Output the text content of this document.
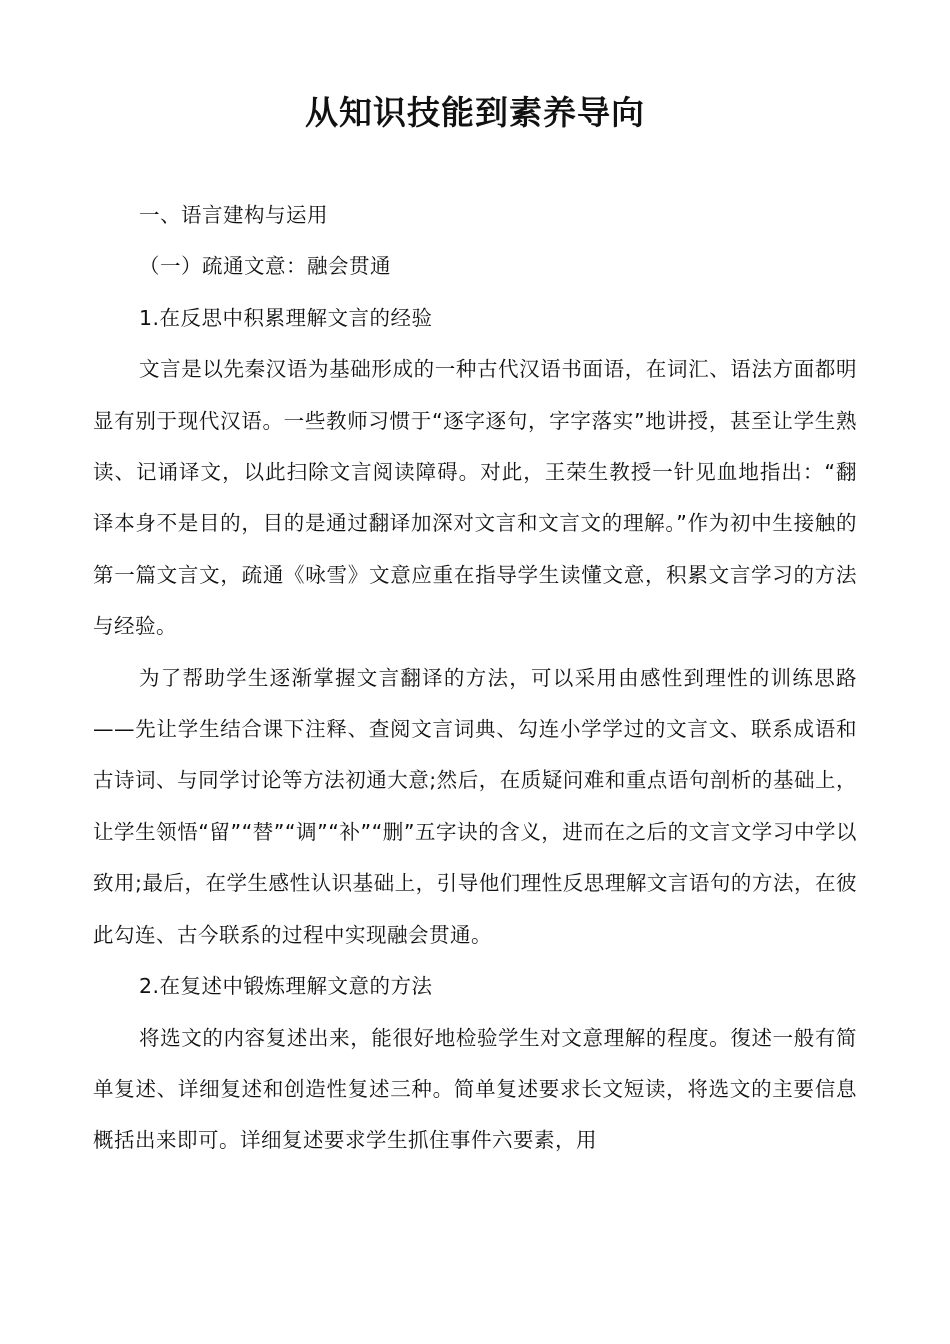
从知识技能到素养导向

一、语言建构与运用

（一）疏通文意：融会贯通

1.在反思中积累理解文言的经验

文言是以先秦汉语为基础形成的一种古代汉语书面语，在词汇、语法方面都明显有别于现代汉语。一些教师习惯于“逐字逐句，字字落实”地讲授，甚至让学生熟读、记诵译文，以此扫除文言阅读障碍。对此，王荣生教授一针见血地指出：“翻译本身不是目的，目的是通过翻译加深对文言和文言文的理解。”作为初中生接触的第一篇文言文，疏通《咏雪》文意应重在指导学生读懂文意，积累文言学习的方法与经验。

为了帮助学生逐渐掌握文言翻译的方法，可以采用由感性到理性的训练思路——先让学生结合课下注释、查阅文言词典、勾连小学学过的文言文、联系成语和古诗词、与同学讨论等方法初通大意;然后，在质疑问难和重点语句剖析的基础上，让学生领悟“留”“替”“调”“补”“删”五字诀的含义，进而在之后的文言文学习中学以致用;最后，在学生感性认识基础上，引导他们理性反思理解文言语句的方法，在彼此勾连、古今联系的过程中实现融会贯通。

2.在复述中锻炼理解文意的方法

将选文的内容复述出来，能很好地检验学生对文意理解的程度。復述一般有简单复述、详细复述和创造性复述三种。简单复述要求长文短读，将选文的主要信息概括出来即可。详细复述要求学生抓住事件六要素，用
